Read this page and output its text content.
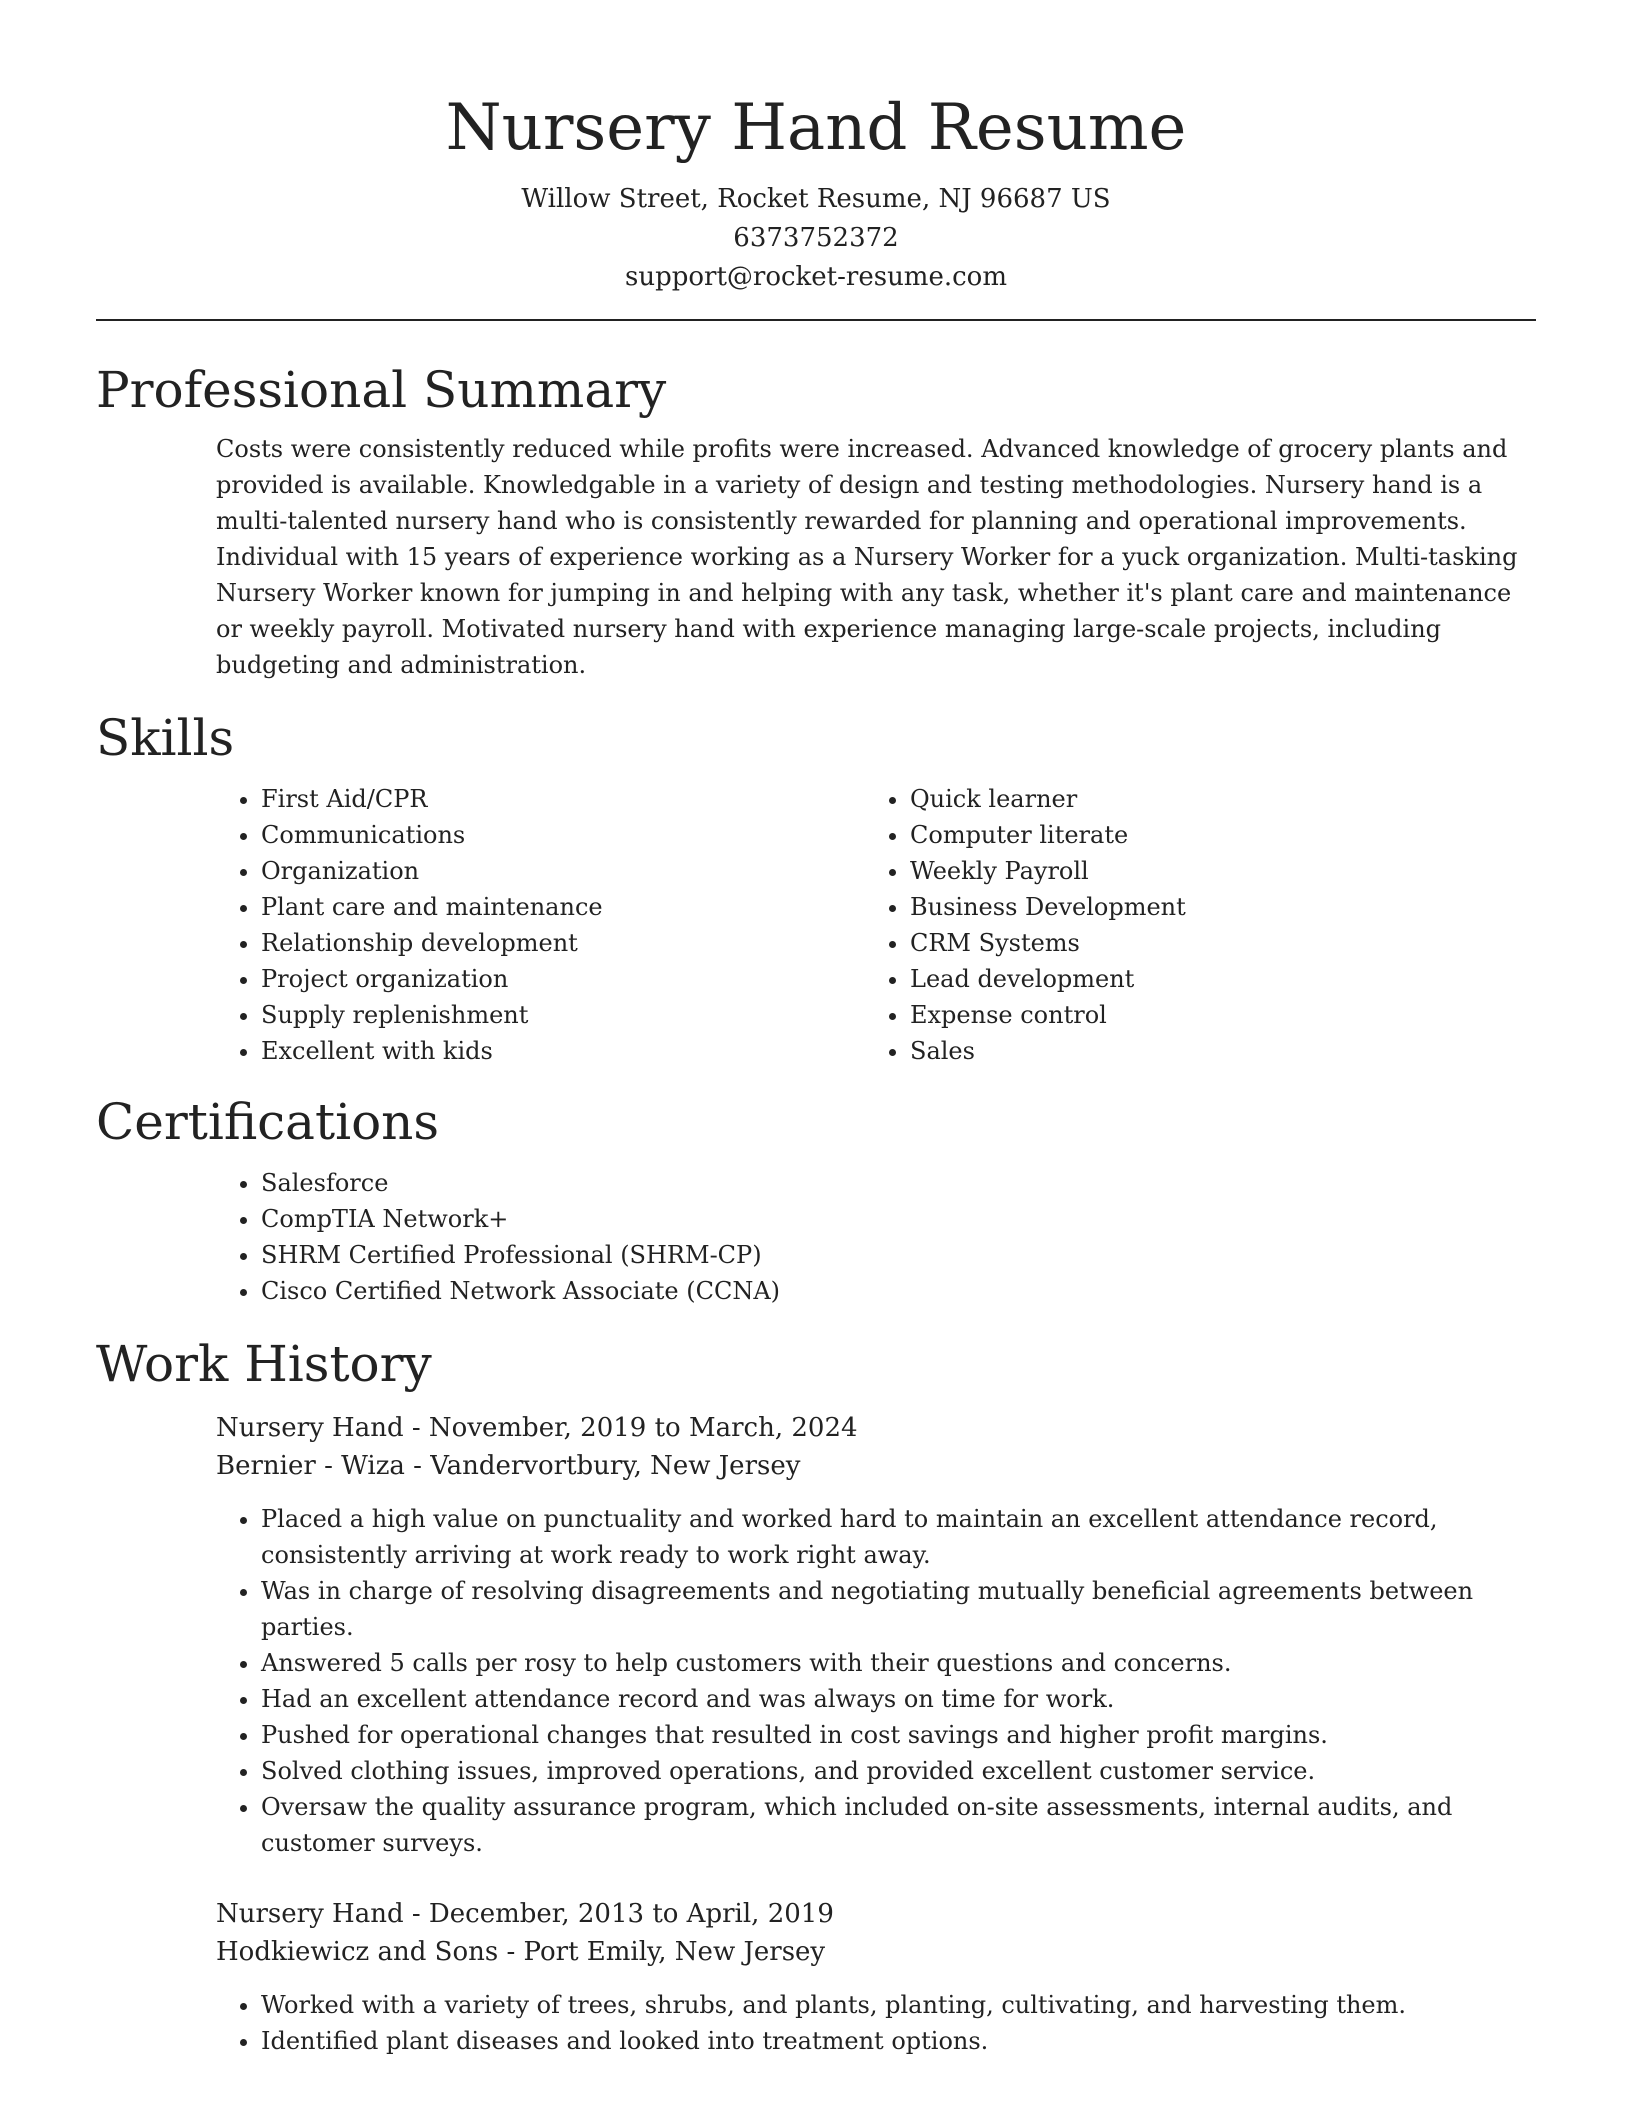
Nursery Hand Resume

Willow Street, Rocket Resume, NJ 96687 US

6373752372

support@rocket-resume.com

Professional Summary

Costs were consistently reduced while profits were increased. Advanced knowledge of grocery plants and provided is available. Knowledgable in a variety of design and testing methodologies. Nursery hand is a multi-talented nursery hand who is consistently rewarded for planning and operational improvements. Individual with 15 years of experience working as a Nursery Worker for a yuck organization. Multi-tasking Nursery Worker known for jumping in and helping with any task, whether it's plant care and maintenance or weekly payroll. Motivated nursery hand with experience managing large-scale projects, including budgeting and administration.

Skills
• First Aid/CPR
• Communications
• Organization
• Plant care and maintenance
• Relationship development
• Project organization
• Supply replenishment
• Excellent with kids
• Quick learner
• Computer literate
• Weekly Payroll
• Business Development
• CRM Systems
• Lead development
• Expense control
• Sales
Certifications
• Salesforce
• CompTIA Network+
• SHRM Certified Professional (SHRM-CP)
• Cisco Certified Network Associate (CCNA)
Work History

Nursery Hand - November, 2019 to March, 2024

Bernier - Wiza - Vandervortbury, New Jersey

• Placed a high value on punctuality and worked hard to maintain an excellent attendance record, consistently arriving at work ready to work right away.
• Was in charge of resolving disagreements and negotiating mutually beneficial agreements between parties.
• Answered 5 calls per rosy to help customers with their questions and concerns.
• Had an excellent attendance record and was always on time for work.
• Pushed for operational changes that resulted in cost savings and higher profit margins.
• Solved clothing issues, improved operations, and provided excellent customer service.
• Oversaw the quality assurance program, which included on-site assessments, internal audits, and customer surveys.

Nursery Hand - December, 2013 to April, 2019

Hodkiewicz and Sons - Port Emily, New Jersey

• Worked with a variety of trees, shrubs, and plants, planting, cultivating, and harvesting them.
• Identified plant diseases and looked into treatment options.
